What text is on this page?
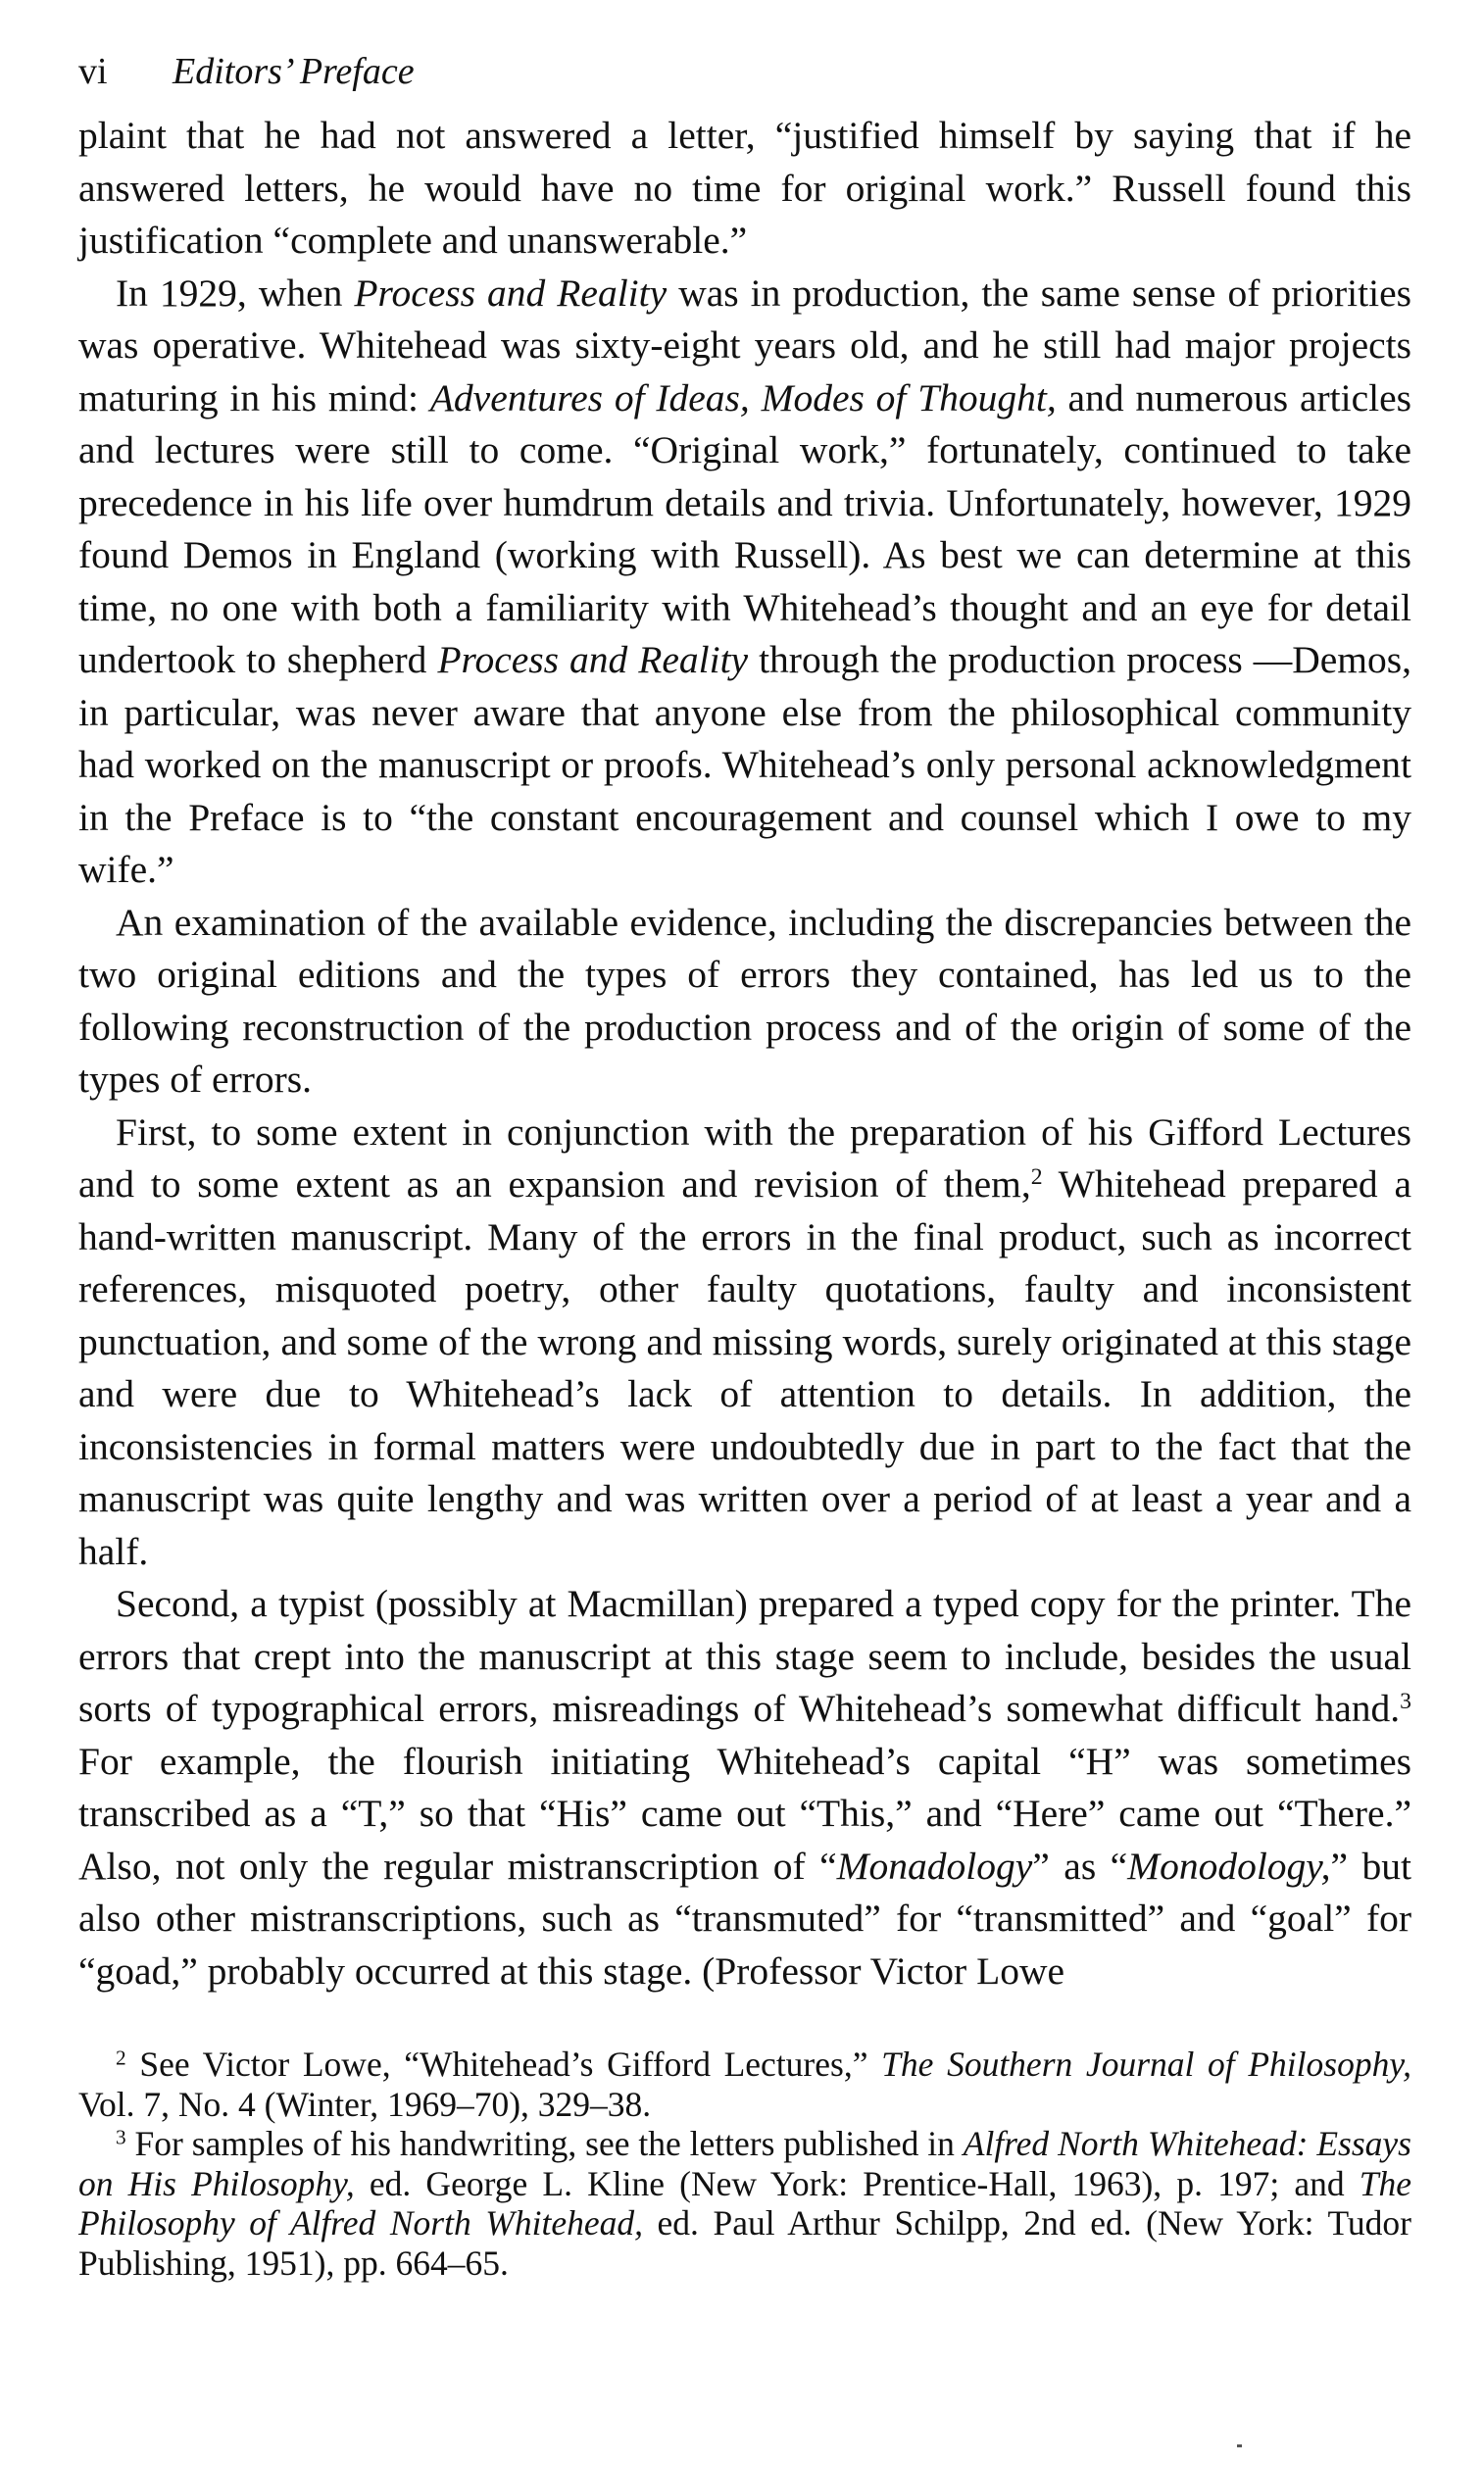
vi Editors’ Preface

plaint that he had not answered a letter, “justified himself by saying that if he answered letters, he would have no time for original work.” Russell found this justification “complete and unanswerable.”

In 1929, when Process and Reality was in production, the same sense of priorities was operative. Whitehead was sixty-eight years old, and he still had major projects maturing in his mind: Adventures of Ideas, Modes of Thought, and numerous articles and lectures were still to come. “Original work,” fortunately, continued to take precedence in his life over humdrum details and trivia. Unfortunately, however, 1929 found Demos in England (working with Russell). As best we can determine at this time, no one with both a familiarity with Whitehead’s thought and an eye for detail undertook to shepherd Process and Reality through the production process —Demos, in particular, was never aware that anyone else from the philosophical community had worked on the manuscript or proofs. Whitehead’s only personal acknowledgment in the Preface is to “the constant encouragement and counsel which I owe to my wife.”

An examination of the available evidence, including the discrepancies between the two original editions and the types of errors they contained, has led us to the following reconstruction of the production process and of the origin of some of the types of errors.

First, to some extent in conjunction with the preparation of his Gifford Lectures and to some extent as an expansion and revision of them,$^2$ Whitehead prepared a hand-written manuscript. Many of the errors in the final product, such as incorrect references, misquoted poetry, other faulty quotations, faulty and inconsistent punctuation, and some of the wrong and missing words, surely originated at this stage and were due to Whitehead’s lack of attention to details. In addition, the inconsistencies in formal matters were undoubtedly due in part to the fact that the manuscript was quite lengthy and was written over a period of at least a year and a half.

Second, a typist (possibly at Macmillan) prepared a typed copy for the printer. The errors that crept into the manuscript at this stage seem to include, besides the usual sorts of typographical errors, misreadings of Whitehead’s somewhat difficult hand.$^3$ For example, the flourish initiating Whitehead’s capital “H” was sometimes transcribed as a “T,” so that “His” came out “This,” and “Here” came out “There.” Also, not only the regular mistranscription of “Monadology” as “Monodology,” but also other mistranscriptions, such as “transmuted” for “transmitted” and “goal” for “goad,” probably occurred at this stage. (Professor Victor Lowe

$^2$ See Victor Lowe, “Whitehead’s Gifford Lectures,” The Southern Journal of Philosophy, Vol. 7, No. 4 (Winter, 1969–70), 329–38.

$^3$ For samples of his handwriting, see the letters published in Alfred North Whitehead: Essays on His Philosophy, ed. George L. Kline (New York: Prentice-Hall, 1963), p. 197; and The Philosophy of Alfred North Whitehead, ed. Paul Arthur Schilpp, 2nd ed. (New York: Tudor Publishing, 1951), pp. 664–65.
